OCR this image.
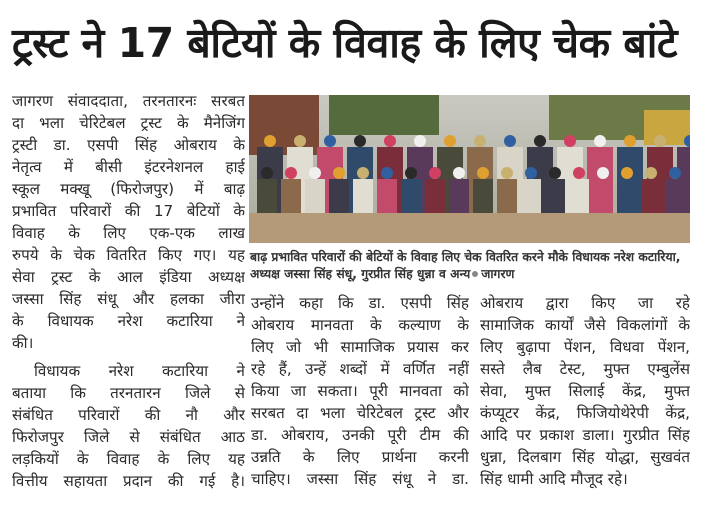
ट्रस्ट ने 17 बेटियों के विवाह के लिए चेक बांटे
जागरण संवाददाता, तरनतारनः सरबत
दा भला चेरिटेबल ट्रस्ट के मैनेजिंग
ट्रस्टी डा. एसपी सिंह ओबराय के
नेतृत्व में बीसी इंटरनेशनल हाई
स्कूल मक्खू (फिरोजपुर) में बाढ़
प्रभावित परिवारों की 17 बेटियों के
विवाह के लिए एक-एक लाख
रुपये के चेक वितरित किए गए। यह
सेवा ट्रस्ट के आल इंडिया अध्यक्ष
जस्सा सिंह संधू और हलका जीरा
के विधायक नरेश कटारिया ने
की।
विधायक नरेश कटारिया ने
बताया कि तरनतारन जिले से
संबंधित परिवारों की नौ और
फिरोजपुर जिले से संबंधित आठ
लड़कियों के विवाह के लिए यह
वित्तीय सहायता प्रदान की गई है।
बाढ़ प्रभावित परिवारों की बेटियों के विवाह लिए चेक वितरित करने मौके विधायक नरेश कटारिया,
अध्यक्ष जस्सा सिंह संधू, गुरप्रीत सिंह धुन्ना व अन्य जागरण
उन्होंने कहा कि डा. एसपी सिंह
ओबराय मानवता के कल्याण के
लिए जो भी सामाजिक प्रयास कर
रहे हैं, उन्हें शब्दों में वर्णित नहीं
किया जा सकता। पूरी मानवता को
सरबत दा भला चेरिटेबल ट्रस्ट और
डा. ओबराय, उनकी पूरी टीम की
उन्नति के लिए प्रार्थना करनी
चाहिए। जस्सा सिंह संधू ने डा.
ओबराय द्वारा किए जा रहे
सामाजिक कार्यों जैसे विकलांगों के
लिए बुढ़ापा पेंशन, विधवा पेंशन,
सस्ते लैब टेस्ट, मुफ्त एम्बुलेंस
सेवा, मुफ्त सिलाई केंद्र, मुफ्त
कंप्यूटर केंद्र, फिजियोथेरेपी केंद्र,
आदि पर प्रकाश डाला। गुरप्रीत सिंह
धुन्ना, दिलबाग सिंह योद्धा, सुखवंत
सिंह धामी आदि मौजूद रहे।
